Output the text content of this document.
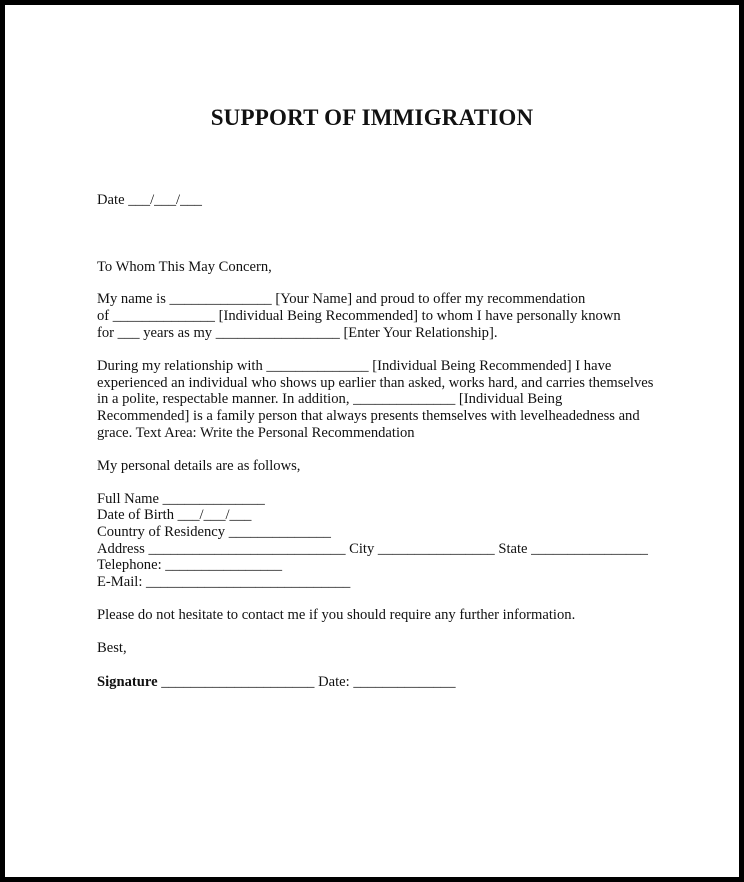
SUPPORT OF IMMIGRATION
Date ___/___/___
To Whom This May Concern,
My name is ______________ [Your Name] and proud to offer my recommendation
of ______________ [Individual Being Recommended] to whom I have personally known
for ___ years as my _________________ [Enter Your Relationship].
During my relationship with ______________ [Individual Being Recommended] I have
experienced an individual who shows up earlier than asked, works hard, and carries themselves
in a polite, respectable manner. In addition, ______________ [Individual Being
Recommended] is a family person that always presents themselves with levelheadedness and
grace. Text Area: Write the Personal Recommendation
My personal details are as follows,
Full Name ______________
Date of Birth ___/___/___
Country of Residency ______________
Address ___________________________ City ________________ State ________________
Telephone: ________________
E-Mail: ____________________________
Please do not hesitate to contact me if you should require any further information.
Best,
Signature _____________________ Date: ______________
